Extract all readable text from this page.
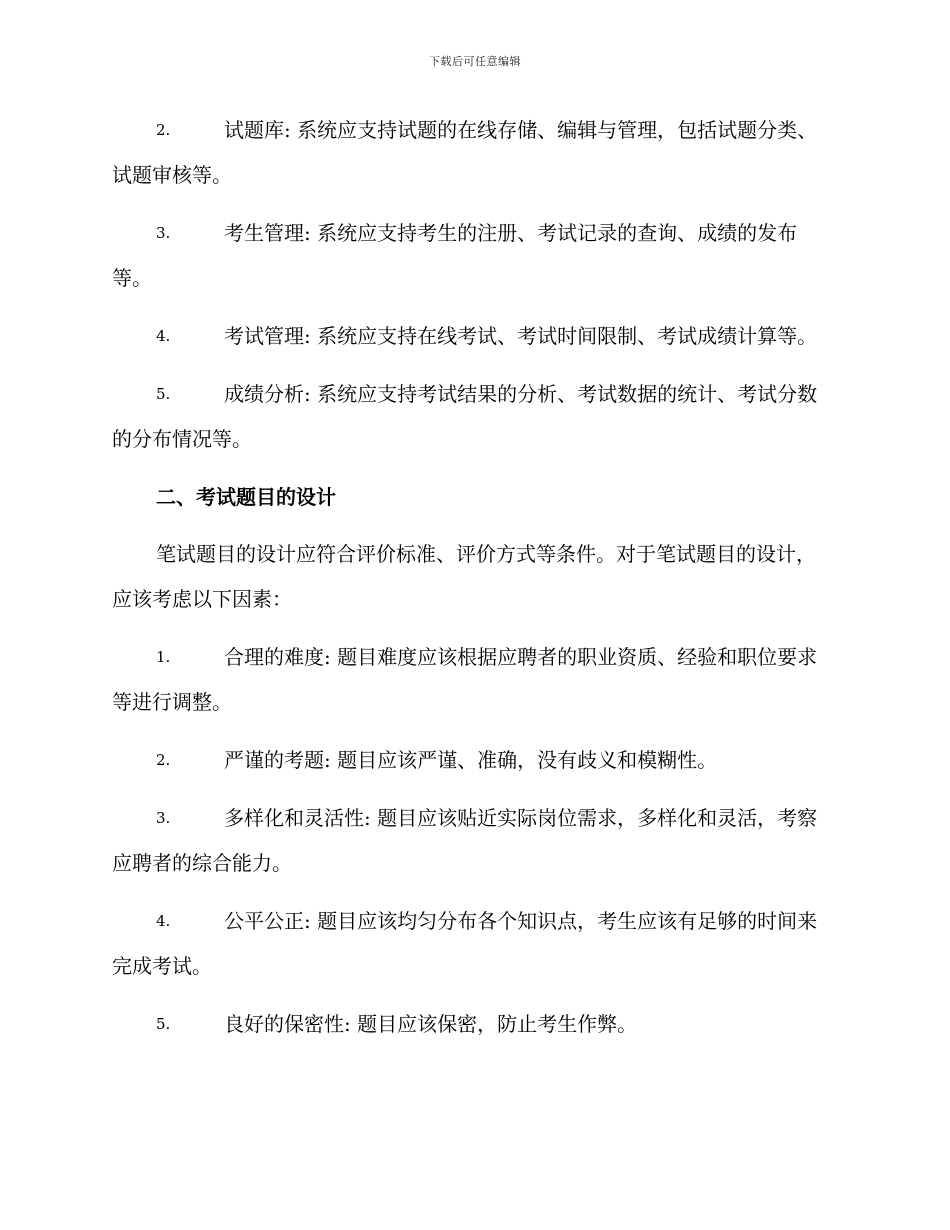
下载后可任意编辑
2.	试题库: 系统应支持试题的在线存储、编辑与管理，包括试题分类、试题审核等。
3.	考生管理: 系统应支持考生的注册、考试记录的查询、成绩的发布等。
4.	考试管理: 系统应支持在线考试、考试时间限制、考试成绩计算等。
5.	成绩分析: 系统应支持考试结果的分析、考试数据的统计、考试分数的分布情况等。
二、考试题目的设计
笔试题目的设计应符合评价标准、评价方式等条件。对于笔试题目的设计，应该考虑以下因素：
1.	合理的难度: 题目难度应该根据应聘者的职业资质、经验和职位要求等进行调整。
2.	严谨的考题: 题目应该严谨、准确，没有歧义和模糊性。
3.	多样化和灵活性: 题目应该贴近实际岗位需求，多样化和灵活，考察应聘者的综合能力。
4.	公平公正: 题目应该均匀分布各个知识点，考生应该有足够的时间来完成考试。
5.	良好的保密性: 题目应该保密，防止考生作弊。
